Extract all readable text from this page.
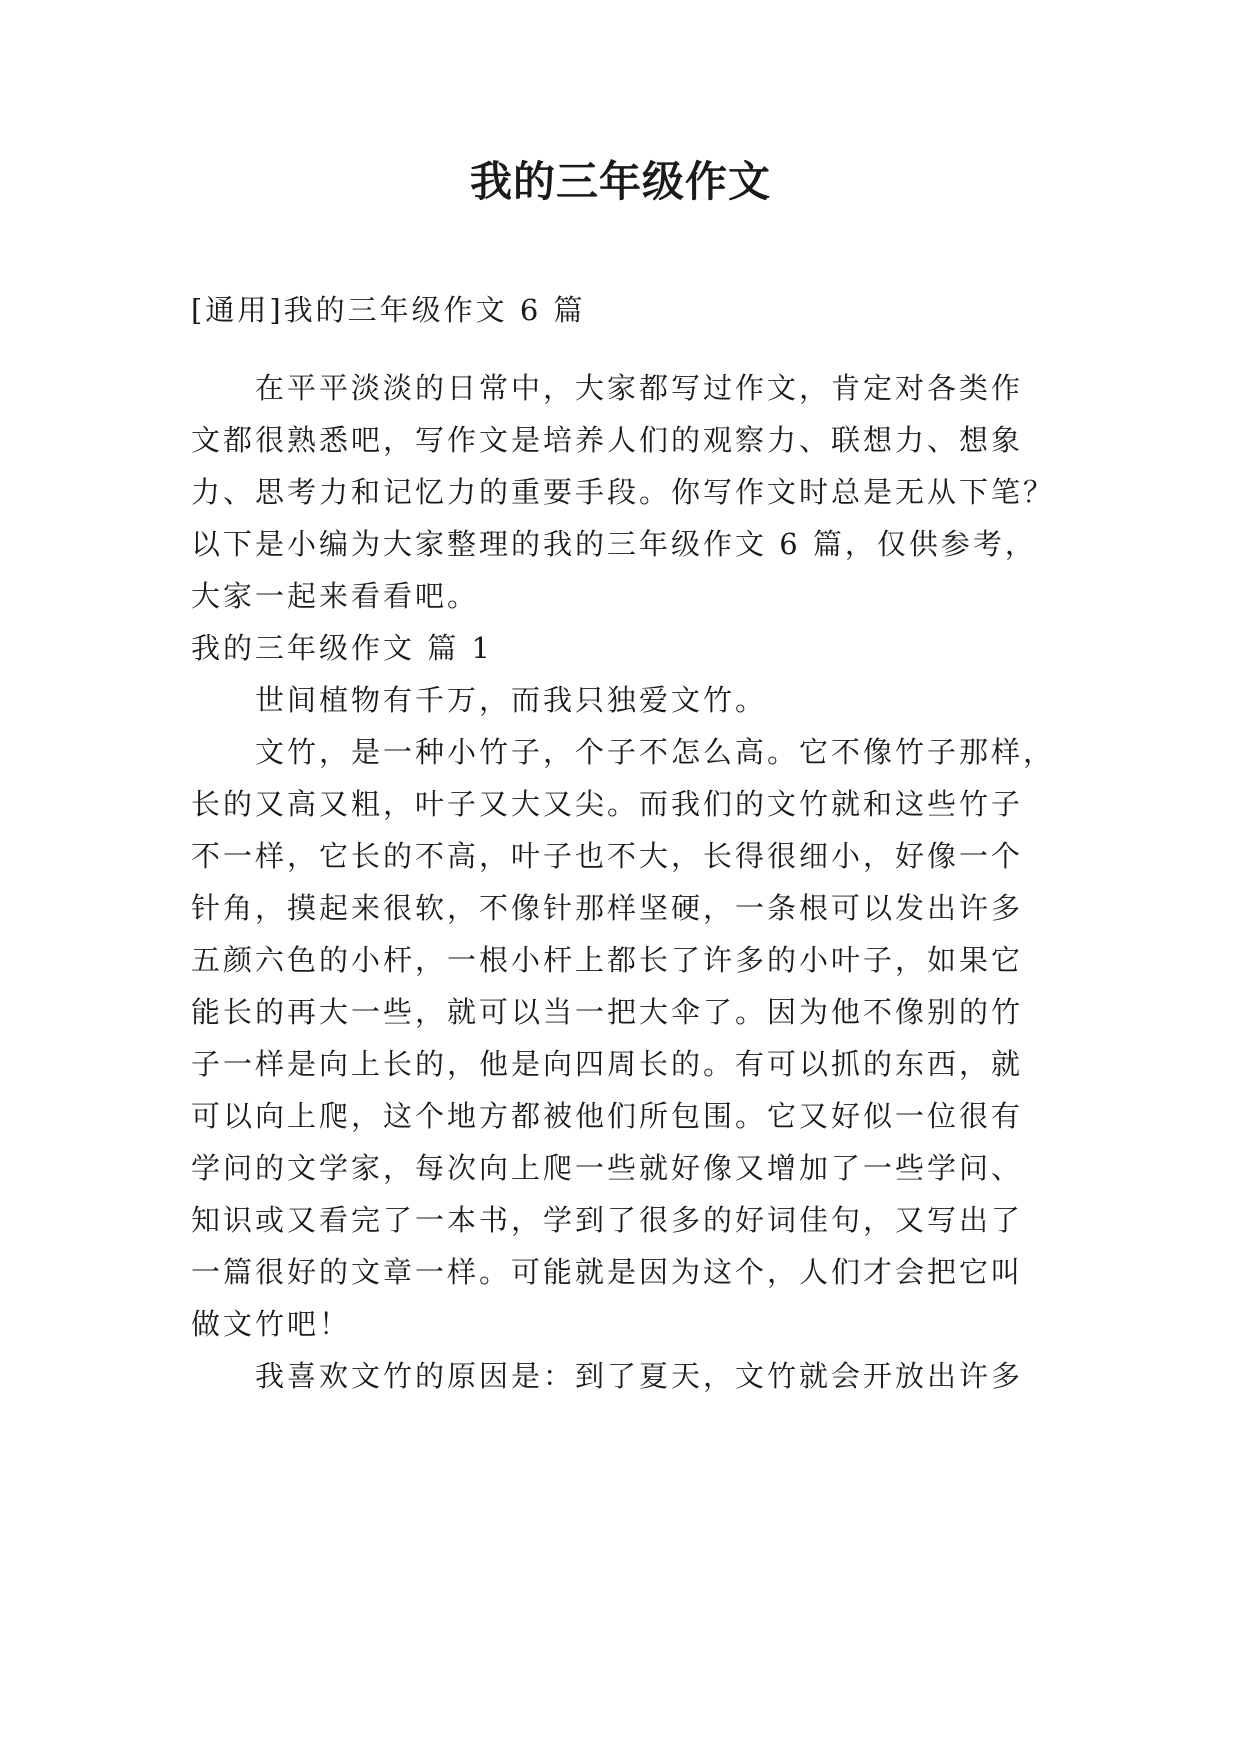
我的三年级作文

[通用]我的三年级作文 6 篇

在平平淡淡的日常中，大家都写过作文，肯定对各类作

文都很熟悉吧，写作文是培养人们的观察力、联想力、想象

力、思考力和记忆力的重要手段。你写作文时总是无从下笔？

以下是小编为大家整理的我的三年级作文 6 篇，仅供参考，

大家一起来看看吧。

我的三年级作文 篇 1

世间植物有千万，而我只独爱文竹。

文竹，是一种小竹子，个子不怎么高。它不像竹子那样，

长的又高又粗，叶子又大又尖。而我们的文竹就和这些竹子

不一样，它长的不高，叶子也不大，长得很细小，好像一个

针角，摸起来很软，不像针那样坚硬，一条根可以发出许多

五颜六色的小杆，一根小杆上都长了许多的小叶子，如果它

能长的再大一些，就可以当一把大伞了。因为他不像别的竹

子一样是向上长的，他是向四周长的。有可以抓的东西，就

可以向上爬，这个地方都被他们所包围。它又好似一位很有

学问的文学家，每次向上爬一些就好像又增加了一些学问、

知识或又看完了一本书，学到了很多的好词佳句，又写出了

一篇很好的文章一样。可能就是因为这个，人们才会把它叫

做文竹吧！

我喜欢文竹的原因是：到了夏天，文竹就会开放出许多
